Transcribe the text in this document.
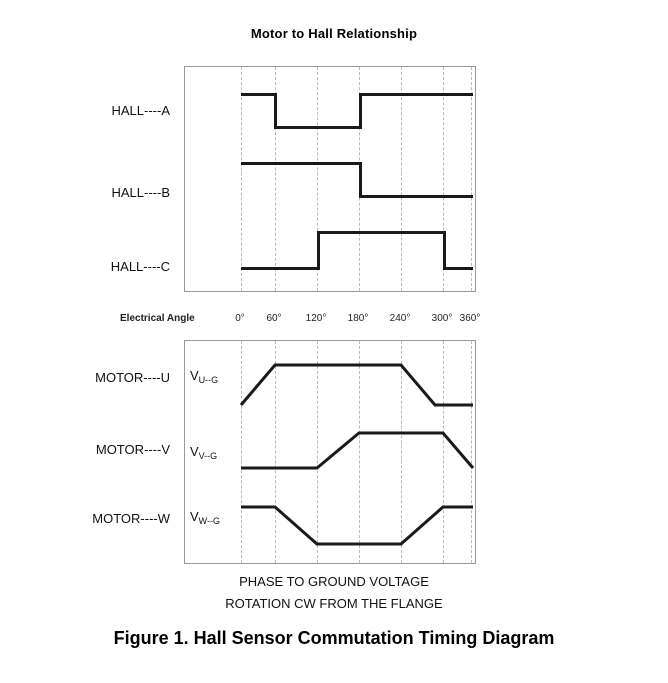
Motor to Hall Relationship
HALL----A
HALL----B
HALL----C
Electrical Angle	0°	60°	120°	180°	240°	300° 360°
$V_{U--G}$
$V_{V--G}$
$V_{W--G}$
MOTOR----U
MOTOR----V
MOTOR----W
PHASE TO GROUND VOLTAGE
ROTATION CW FROM THE FLANGE
Figure 1. Hall Sensor Commutation Timing Diagram
